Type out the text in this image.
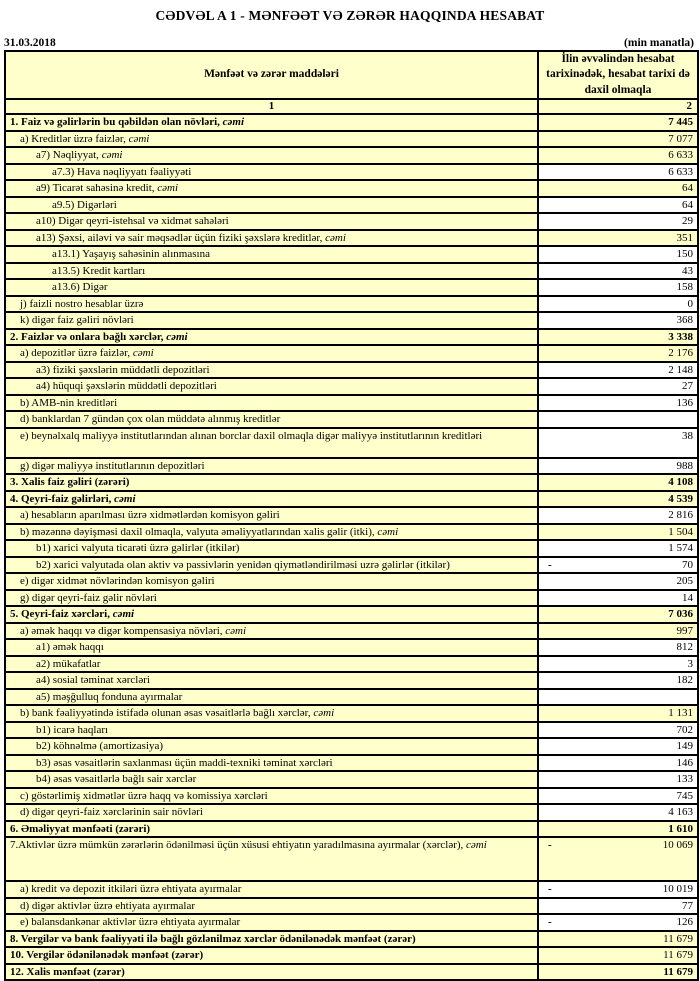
CƏDVƏL A 1 - MƏNFƏƏT VƏ ZƏRƏR HAQQINDA HESABAT
31.03.2018	(min manatla)
Mənfəət və zərər maddələri	İlin əvvəlindən hesabat tarixinədək, hesabat tarixi də daxil olmaqla
1	2
1. Faiz və gəlirlərin bu qəbildən olan növləri, cəmi	7 445

a) Kreditlər üzrə faizlər, cəmi	7 077

a7) Nəqliyyat, cəmi	6 633

a7.3) Hava nəqliyyatı fəaliyyəti	6 633

a9) Ticarət sahəsinə kredit, cəmi	64

a9.5) Digərləri	64

a10) Digər qeyri-istehsal və xidmət sahələri	29

a13) Şəxsi, ailəvi və sair məqsədlər üçün fiziki şəxslərə kreditlər, cəmi	351

a13.1) Yaşayış sahəsinin alınmasına	150

a13.5) Kredit kartları	43

a13.6) Digər	158

j) faizli nostro hesablar üzrə	0

k) digər faiz gəliri növləri	368

2. Faizlər və onlara bağlı xərclər, cəmi	3 338

a) depozitlər üzrə faizlər, cəmi	2 176

a3) fiziki şəxslərin müddətli depozitləri	2 148

a4) hüquqi şəxslərin müddətli depozitləri	27

b) AMB-nin kreditləri	136

d) banklardan 7 gündən çox olan müddətə alınmış kreditlər	

e) beynəlxalq maliyyə institutlarından alınan borclar daxil olmaqla digər maliyyə institutlarının kreditləri	38

g) digər maliyyə institutlarının depozitləri	988

3. Xalis faiz gəliri (zərəri)	4 108

4. Qeyri-faiz gəlirləri, cəmi	4 539

a) hesabların aparılması üzrə xidmətlərdən komisyon gəliri	2 816

b) məzənnə dəyişməsi daxil olmaqla, valyuta əməliyyatlarından xalis gəlir (itki), cəmi	1 504

b1) xarici valyuta ticarəti üzrə gəlirlər (itkilər)	1 574

b2) xarici valyutada olan aktiv və passivlərin yenidən qiymətləndirilməsi uzrə gəlirlər (itkilər)	- 70

e) digər xidmət növlərindən komisyon gəliri	205

g) digər qeyri-faiz gəlir növləri	14

5. Qeyri-faiz xərcləri, cəmi	7 036

a) əmək haqqı və digər kompensasiya növləri, cəmi	997

a1) əmək haqqı	812

a2) mükafatlar	3

a4) sosial təminat xərcləri	182

a5) məşğulluq fonduna ayırmalar	

b) bank fəaliyyətində istifadə olunan əsas vəsaitlərlə bağlı xərclər, cəmi	1 131

b1) icarə haqları	702

b2) köhnəlmə (amortizasiya)	149

b3) əsas vəsaitlərin saxlanması üçün maddi-texniki təminat xərcləri	146

b4) əsas vəsaitlərlə bağlı sair xərclər	133

c) göstərlimiş xidmətlər üzrə haqq və komissiya xərcləri	745

d) digər qeyri-faiz xərclərinin sair növləri	4 163

6. Əməliyyat mənfəəti (zərəri)	1 610

7.Aktivlər üzrə mümkün zərərlərin ödənilməsi üçün xüsusi ehtiyatın yaradılmasına ayırmalar (xərclər), cəmi	- 10 069

a) kredit və depozit itkiləri üzrə ehtiyata ayırmalar	- 10 019

d) digər aktivlər üzrə ehtiyata ayırmalar	77

e) balansdankənar aktivlər üzrə ehtiyata ayırmalar	- 126

8. Vergilər və bank fəaliyyəti ilə bağlı gözlənilməz xərclər ödənilənədək mənfəət (zərər)	11 679

10. Vergilər ödənilənədək mənfəət (zərər)	11 679

12. Xalis mənfəət (zərər)	11 679
